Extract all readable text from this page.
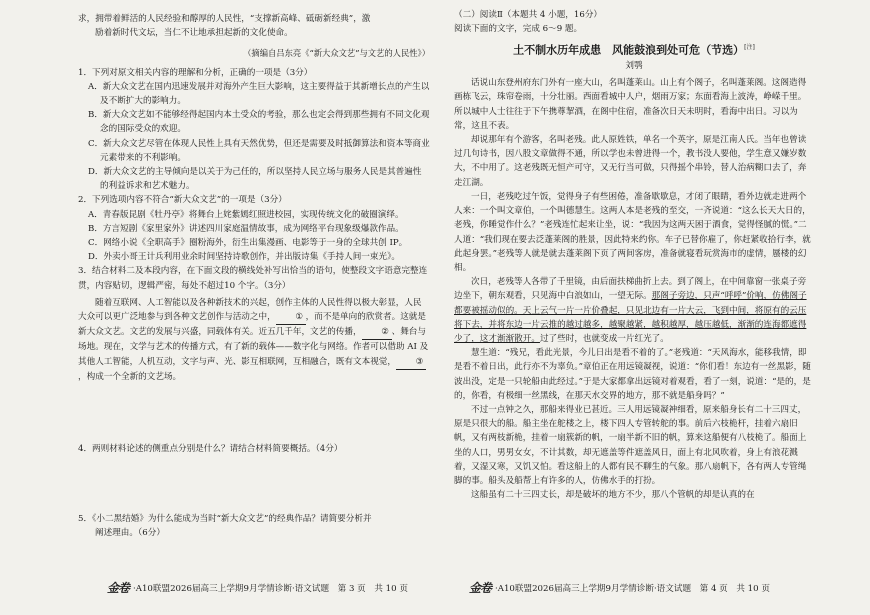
求，拥带着鲜活的人民经验和醇厚的人民性，“支撑新高峰、砥砺新经典”，激

励着新时代文坛，当仁不让地承担起新的文化使命。

（摘编自吕东亮《“新大众文艺”与文艺的人民性》）

1．下列对原文相关内容的理解和分析，正确的一项是（3分）

A．新大众文艺在国内迅速发展并对海外产生巨大影响，这主要得益于其新增长点的产生以及不断扩大的影响力。

B．新大众文艺如不能够经得起国内本土受众的考验，那么也定会得到那些拥有不同文化观念的国际受众的欢迎。

C．新大众文艺尽管在体现人民性上具有天然优势，但还是需要及时抵御算法和资本等商业元素带来的不利影响。

D．新大众文艺的主导倾向是以关于为己任的，所以坚持人民立场与服务人民是其普遍性的利益诉求和艺术魅力。

2．下列选项内容不符合“新大众文艺”的一项是（3分）

A．青春版昆剧《牡丹亭》将舞台上姹紫嫣红照进校园，实现传统文化的破圈演绎。

B．方言短剧《家里家外》讲述四川家庭温情故事，成为网络平台现象级爆款作品。

C．网络小说《全职高手》圈粉海外，衍生出集漫画、电影等于一身的全球共创 IP。

D．外卖小哥王计兵利用业余时间坚持诗歌创作，并出版诗集《手持人间一束光》。

3．结合材料二及本段内容，在下面文段的横线处补写出恰当的语句，使整段文字语意完整连贯，内容贴切，逻辑严密，每处不超过10 个字。（3分）

随着互联网、人工智能以及各种新技术的兴起，创作主体的人民性得以极大彰显，人民大众可以更广泛地参与到各种文艺创作与活动之中， ① ，而不是单向的欣赏者。这就是新大众文艺。文艺的发展与兴盛，同载体有关。近五几千年，文艺的传播， ② 、舞台与场地。现在，文学与艺术的传播方式，有了新的载体——数字化与网络。作者可以借助 AI 及其他人工智能，人机互动，文字与声、光、影互相联网，互相融合，既有文本视觉， ③，构成一个全新的文艺场。

4．两则材料论述的侧重点分别是什么？请结合材料简要概括。（4分）

5．《小二黑结婚》为什么能成为当时“新大众文艺”的经典作品？请简要分析并

阐述理由。（6分）

金卷 ·A10联盟2026届高三上学期9月学情诊断·语文试题　第 3 页　共 10 页

（二）阅读Ⅱ（本题共 4 小题，16分）

阅读下面的文字，完成 6～9 题。

土不制水历年成患　风能鼓浪到处可危（节选）[注]

刘鹗

话说山东登州府东门外有一座大山，名叫蓬莱山。山上有个阁子，名叫蓬莱阁。这阁造得画栋飞云，珠帘卷雨，十分壮丽。西面看城中人户，烟雨万家；东面看海上波涛，峥嵘千里。所以城中人士往往于下午携尊挈酒，在阁中住宿，准备次日天未明时，看海中出日。习以为常，这且不表。

却说那年有个游客，名叫老残。此人原姓铁，单名一个英字，原是江南人氏。当年也曾读过几句诗书，因八股文章做得不通，所以学也未曾进得一个，教书没人要他，学生意又嫌岁数大，不中用了。这老残既无恒产可守，又无行当可做，只得摇个串铃，替人治病糊口去了，奔走江湖。

一日，老残吃过午饭，觉得身子有些困倦，准备歇歇息，才闭了眼睛，看外边就走进两个人来：一个叫文章伯，一个叫德慧生。这两人本是老残的至交，一齐说道：“这么长天大日的，老残，你睡觉作什么？”老残连忙起来让坐，说：“我因为这两天困于酒食，觉得怪腻的慌。”二人道：“我们现在要去泛蓬莱阁的胜景，因此特来约你。车子已替你雇了，你赶紧收拾行李，就此起身罢。”老残等人就是就去蓬莱阁下页了两间客房，准备就寝看玩赏海市的虚情，蜃楼的幻相。

次日，老残等人各带了千里镜，由后面扶梯曲折上去。到了阁上，在中间靠窗一张桌子旁边坐下，朝东观看，只见海中白浪如山，一望无际。那阁子旁边，只声“呼呼”价响，仿佛阁子都要被摇动似的。天上云气一片一片价叠起，只见北边有一片大云，飞到中间，将原有的云压将下去，并将东边一片云推的越过越多，越聚越紧，越积越厚，越压越低，渐渐的连海都遮得少了，这才渐渐散开。过了些时，也就变成一片红光了。

慧生道：“残兄，看此光景，今儿日出是看不着的了。”老残道：“天风海水，能移我情，即是看不着日出，此行亦不为辜负。”章伯正在用远镜凝视，说道：“你们看！东边有一丝黑影，随波出没，定是一只轮船由此经过。”于是大家都拿出远镜对着观看，看了一刻，说道：“是的，是的，你看，有极细一丝黑线，在那天水交界的地方，那不就是船身吗？”

不过一点钟之久，那船来得业已甚近。三人用远镜凝神细看，原来船身长有二十三四丈，原是只很大的船。船主坐在舵楼之上，楼下四人专管转舵的事。前后六枝桅杆，挂着六扇旧帆，又有两枝新桅，挂着一扇簇新的帆，一扇半新不旧的帆，算来这船便有八枝桅了。船面上坐的人口，男男女女，不计其数，却无遮盖等件遮盖风日，面上有北风吹着，身上有浪花溅着，又湿又寒，又饥又怕。看这船上的人都有民不聊生的气象。那八扇帆下，各有两人专管绳脚的事。船头及船帮上有许多的人，仿佛水手的打扮。

这船虽有二十三四丈长，却是破坏的地方不少，那八个管帆的却是认真的在

金卷 ·A10联盟2026届高三上学期9月学情诊断·语文试题　第 4 页　共 10 页
